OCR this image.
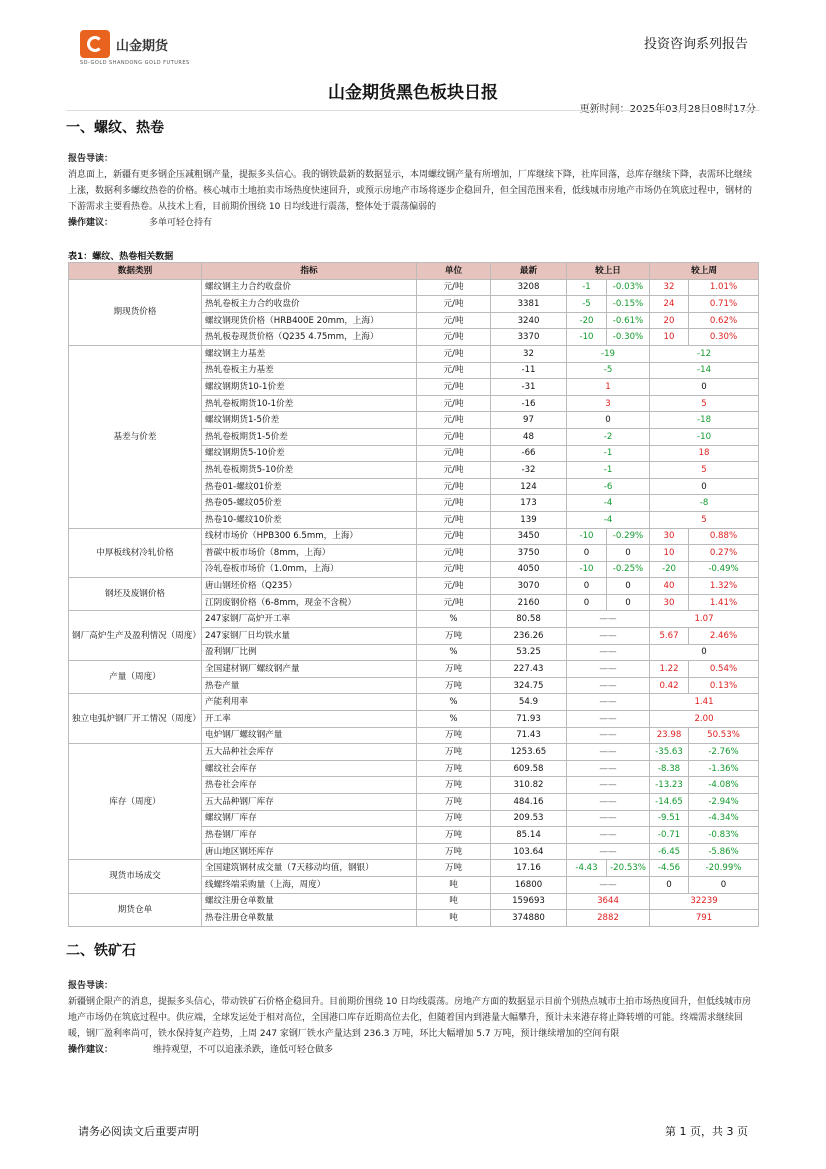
山金期货
SD-GOLD SHANDONG GOLD FUTURES
投资咨询系列报告
山金期货黑色板块日报
更新时间：2025年03月28日08时17分
一、螺纹、热卷
报告导读：
消息面上，新疆有更多钢企压减粗钢产量，提振多头信心。我的钢铁最新的数据显示，本周螺纹钢产量有所增加，厂库继续下降，社库回落，总库存继续下降，表需环比继续上涨，数据利多螺纹热卷的价格。核心城市土地拍卖市场热度快速回升，或预示房地产市场将逐步企稳回升，但全国范围来看，低线城市房地产市场仍在筑底过程中，钢材的下游需求主要看热卷。从技术上看，目前期价围绕 10 日均线进行震荡，整体处于震荡偏弱的
操作建议：	多单可轻仓持有
表1：螺纹、热卷相关数据
数据类别	指标	单位	最新	较上日		较上周	
期现货价格	螺纹钢主力合约收盘价	元/吨	3208	-1	-0.03%	32	1.01%
	热轧卷板主力合约收盘价	元/吨	3381	-5	-0.15%	24	0.71%
	螺纹钢现货价格（HRB400E 20mm，上海）	元/吨	3240	-20	-0.61%	20	0.62%
	热轧板卷现货价格（Q235 4.75mm，上海）	元/吨	3370	-10	-0.30%	10	0.30%
基差与价差	螺纹钢主力基差	元/吨	32	-19		-12	
	热轧卷板主力基差	元/吨	-11	-5		-14	
	螺纹钢期货10-1价差	元/吨	-31	1		0	
	热轧卷板期货10-1价差	元/吨	-16	3		5	
	螺纹钢期货1-5价差	元/吨	97	0		-18	
	热轧卷板期货1-5价差	元/吨	48	-2		-10	
	螺纹钢期货5-10价差	元/吨	-66	-1		18	
	热轧卷板期货5-10价差	元/吨	-32	-1		5	
	热卷01-螺纹01价差	元/吨	124	-6		0	
	热卷05-螺纹05价差	元/吨	173	-4		-8	
	热卷10-螺纹10价差	元/吨	139	-4		5	
中厚板线材冷轧价格	线材市场价（HPB300 6.5mm，上海）	元/吨	3450	-10	-0.29%	30	0.88%
	普碳中板市场价（8mm，上海）	元/吨	3750	0	0	10	0.27%
	冷轧卷板市场价（1.0mm，上海）	元/吨	4050	-10	-0.25%	-20	-0.49%
钢坯及废钢价格	唐山钢坯价格（Q235）	元/吨	3070	0	0	40	1.32%
	江阴废钢价格（6-8mm，现金不含税）	元/吨	2160	0	0	30	1.41%
钢厂高炉生产及盈利情况（周度）	247家钢厂高炉开工率	%	80.58	——		1.07	
	247家钢厂日均铁水量	万吨	236.26	——		5.67	2.46%
	盈利钢厂比例	%	53.25	——		0	
产量（周度）	全国建材钢厂螺纹钢产量	万吨	227.43	——		1.22	0.54%
	热卷产量	万吨	324.75	——		0.42	0.13%
独立电弧炉钢厂开工情况（周度）	产能利用率	%	54.9	——		1.41	
	开工率	%	71.93	——		2.00	
	电炉钢厂螺纹钢产量	万吨	71.43	——		23.98	50.53%
库存（周度）	五大品种社会库存	万吨	1253.65	——		-35.63	-2.76%
	螺纹社会库存	万吨	609.58	——		-8.38	-1.36%
	热卷社会库存	万吨	310.82	——		-13.23	-4.08%
	五大品种钢厂库存	万吨	484.16	——		-14.65	-2.94%
	螺纹钢厂库存	万吨	209.53	——		-9.51	-4.34%
	热卷钢厂库存	万吨	85.14	——		-0.71	-0.83%
	唐山地区钢坯库存	万吨	103.64	——		-6.45	-5.86%
现货市场成交	全国建筑钢材成交量（7天移动均值，钢银）	万吨	17.16	-4.43	-20.53%	-4.56	-20.99%
	线螺终端采购量（上海，周度）	吨	16800	——		0	0
期货仓单	螺纹注册仓单数量	吨	159693	3644		32239	
	热卷注册仓单数量	吨	374880	2882		791	
二、铁矿石
报告导读：
新疆钢企限产的消息，提振多头信心，带动铁矿石价格企稳回升。目前期价围绕 10 日均线震荡。房地产方面的数据显示目前个别热点城市土拍市场热度回升，但低线城市房地产市场仍在筑底过程中。供应端，全球发运处于相对高位，全国港口库存近期高位去化，但随着国内到港量大幅攀升，预计未来港存将止降转增的可能。终端需求继续回暖，钢厂盈利率尚可，铁水保持复产趋势，上周 247 家钢厂铁水产量达到 236.3 万吨，环比大幅增加 5.7 万吨，预计继续增加的空间有限
操作建议：	维持观望，不可以追涨杀跌，逢低可轻仓做多
请务必阅读文后重要声明	第 1 页，共 3 页
